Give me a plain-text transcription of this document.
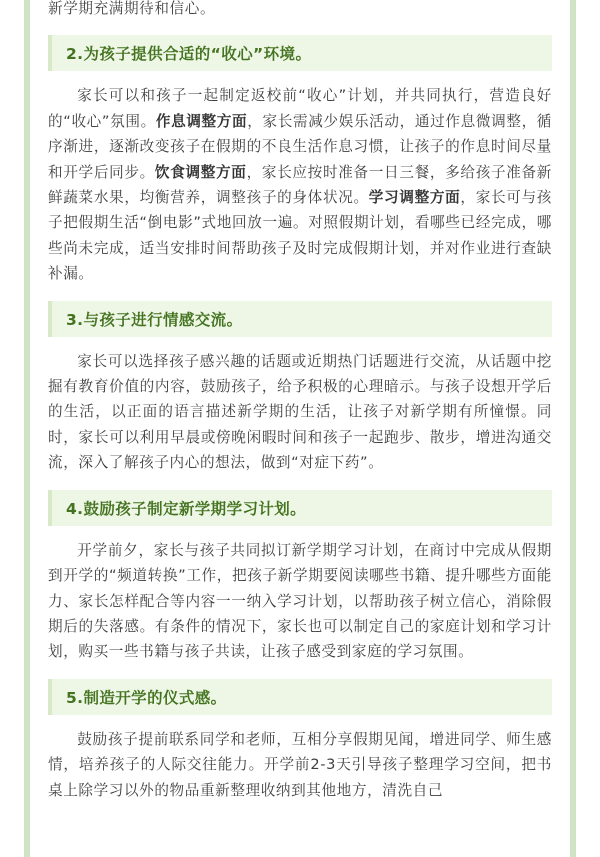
新学期充满期待和信心。

2.为孩子提供合适的“收心”环境。

家长可以和孩子一起制定返校前“收心”计划，并共同执行，营造良好的“收心”氛围。作息调整方面，家长需减少娱乐活动，通过作息微调整，循序渐进，逐渐改变孩子在假期的不良生活作息习惯，让孩子的作息时间尽量和开学后同步。饮食调整方面，家长应按时准备一日三餐，多给孩子准备新鲜蔬菜水果，均衡营养，调整孩子的身体状况。学习调整方面，家长可与孩子把假期生活“倒电影”式地回放一遍。对照假期计划，看哪些已经完成，哪些尚未完成，适当安排时间帮助孩子及时完成假期计划，并对作业进行查缺补漏。

3.与孩子进行情感交流。

家长可以选择孩子感兴趣的话题或近期热门话题进行交流，从话题中挖掘有教育价值的内容，鼓励孩子，给予积极的心理暗示。与孩子设想开学后的生活，以正面的语言描述新学期的生活，让孩子对新学期有所憧憬。同时，家长可以利用早晨或傍晚闲暇时间和孩子一起跑步、散步，增进沟通交流，深入了解孩子内心的想法，做到“对症下药”。

4.鼓励孩子制定新学期学习计划。

开学前夕，家长与孩子共同拟订新学期学习计划，在商讨中完成从假期到开学的“频道转换”工作，把孩子新学期要阅读哪些书籍、提升哪些方面能力、家长怎样配合等内容一一纳入学习计划，以帮助孩子树立信心，消除假期后的失落感。有条件的情况下，家长也可以制定自己的家庭计划和学习计划，购买一些书籍与孩子共读，让孩子感受到家庭的学习氛围。

5.制造开学的仪式感。

鼓励孩子提前联系同学和老师，互相分享假期见闻，增进同学、师生感情，培养孩子的人际交往能力。开学前2-3天引导孩子整理学习空间，把书桌上除学习以外的物品重新整理收纳到其他地方，清洗自己
